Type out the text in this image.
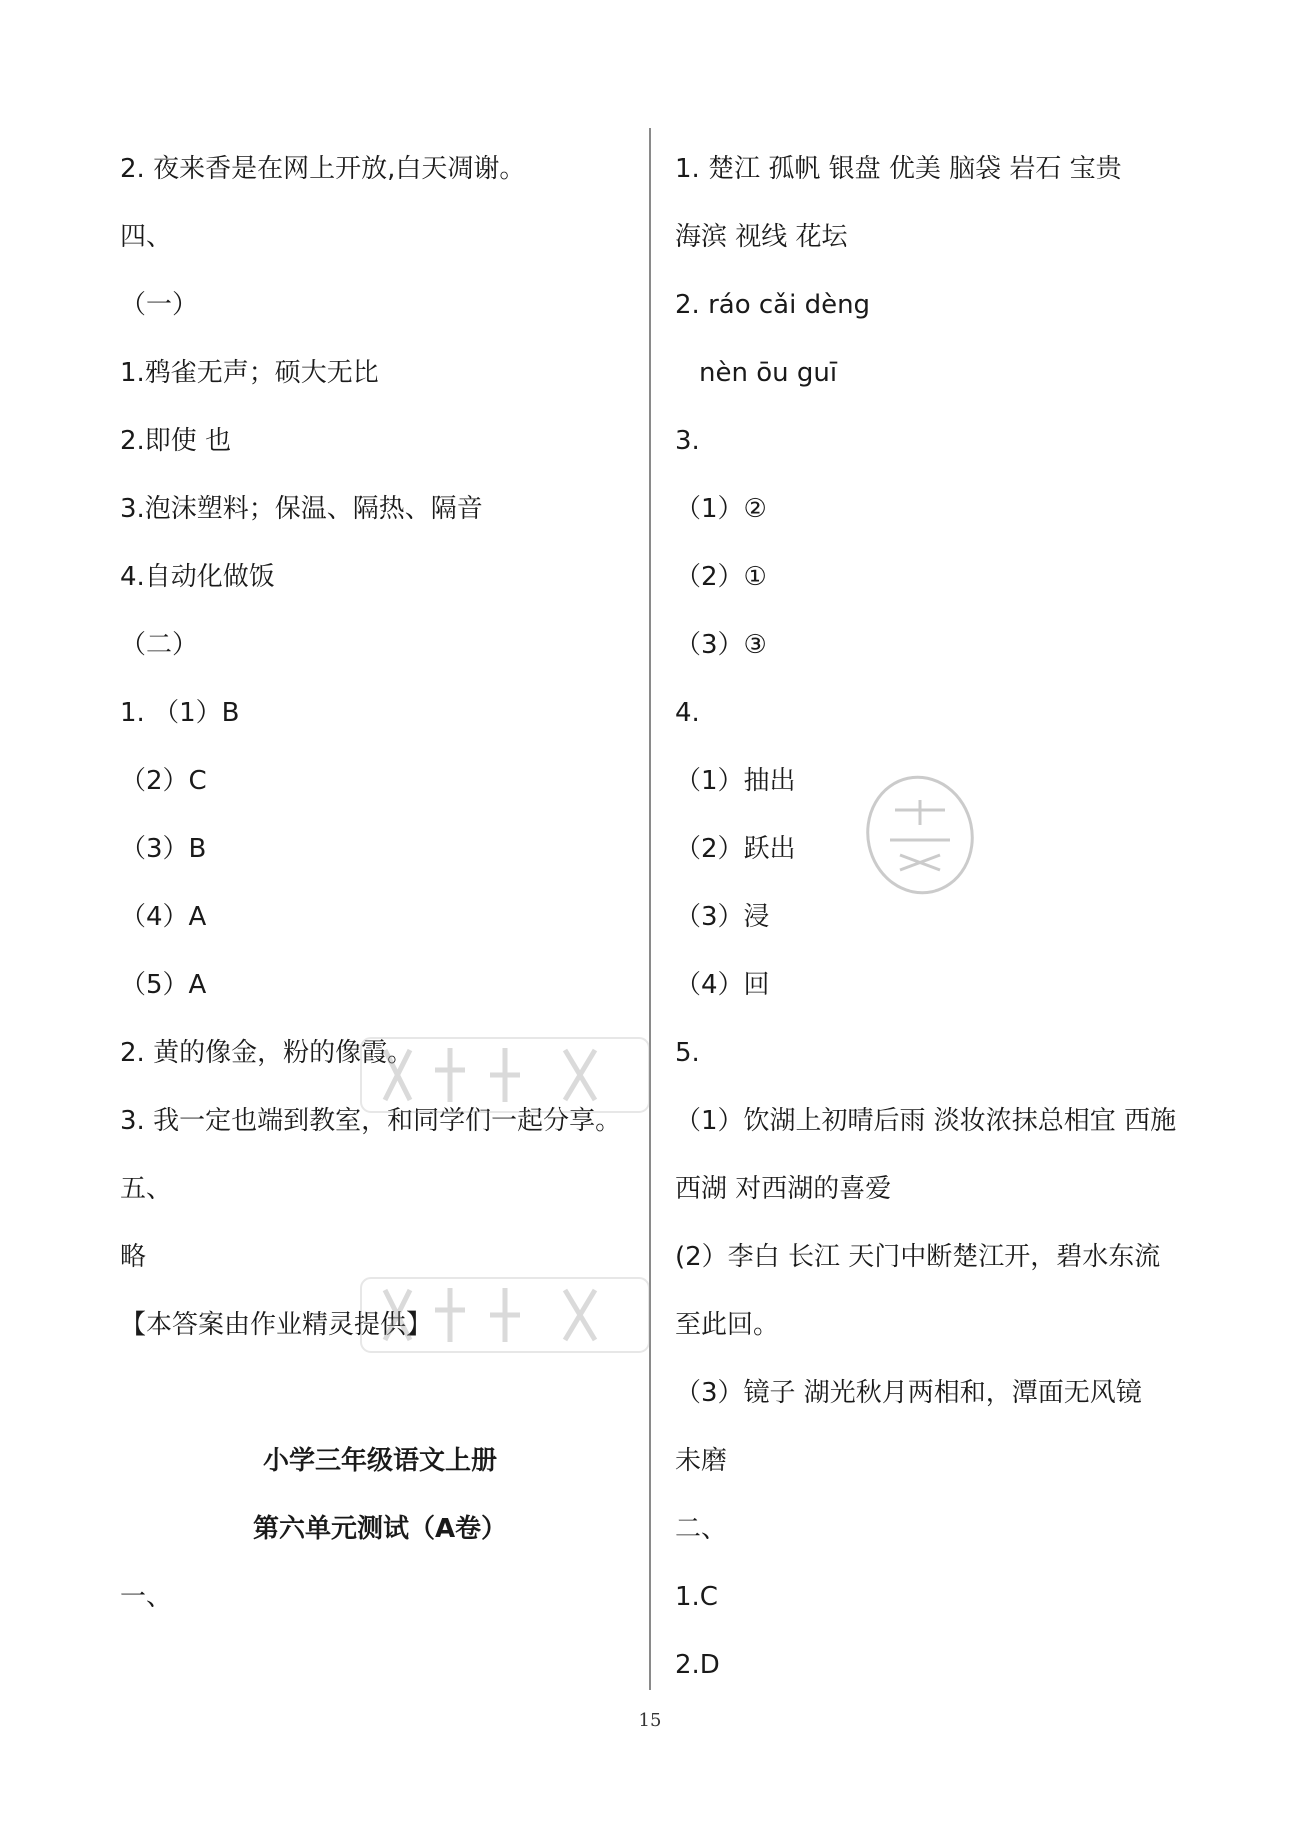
2. 夜来香是在网上开放,白天凋谢。
四、
（一）
1.鸦雀无声；硕大无比
2.即使 也
3.泡沫塑料；保温、隔热、隔音
4.自动化做饭
（二）
1. （1）B
（2）C
（3）B
（4）A
（5）A
2. 黄的像金，粉的像霞。
3. 我一定也端到教室，和同学们一起分享。
五、
略
【本答案由作业精灵提供】
小学三年级语文上册
第六单元测试（A卷）
一、
1. 楚江 孤帆 银盘 优美 脑袋 岩石 宝贵
海滨 视线 花坛
2. ráo cǎi dèng
nèn ōu guī
3.
（1）②
（2）①
（3）③
4.
（1）抽出
（2）跃出
（3）浸
（4）回
5.
（1）饮湖上初晴后雨 淡妆浓抹总相宜 西施
西湖 对西湖的喜爱
(2）李白 长江 天门中断楚江开，碧水东流
至此回。
（3）镜子 湖光秋月两相和，潭面无风镜
未磨
二、
1.C
2.D
15
